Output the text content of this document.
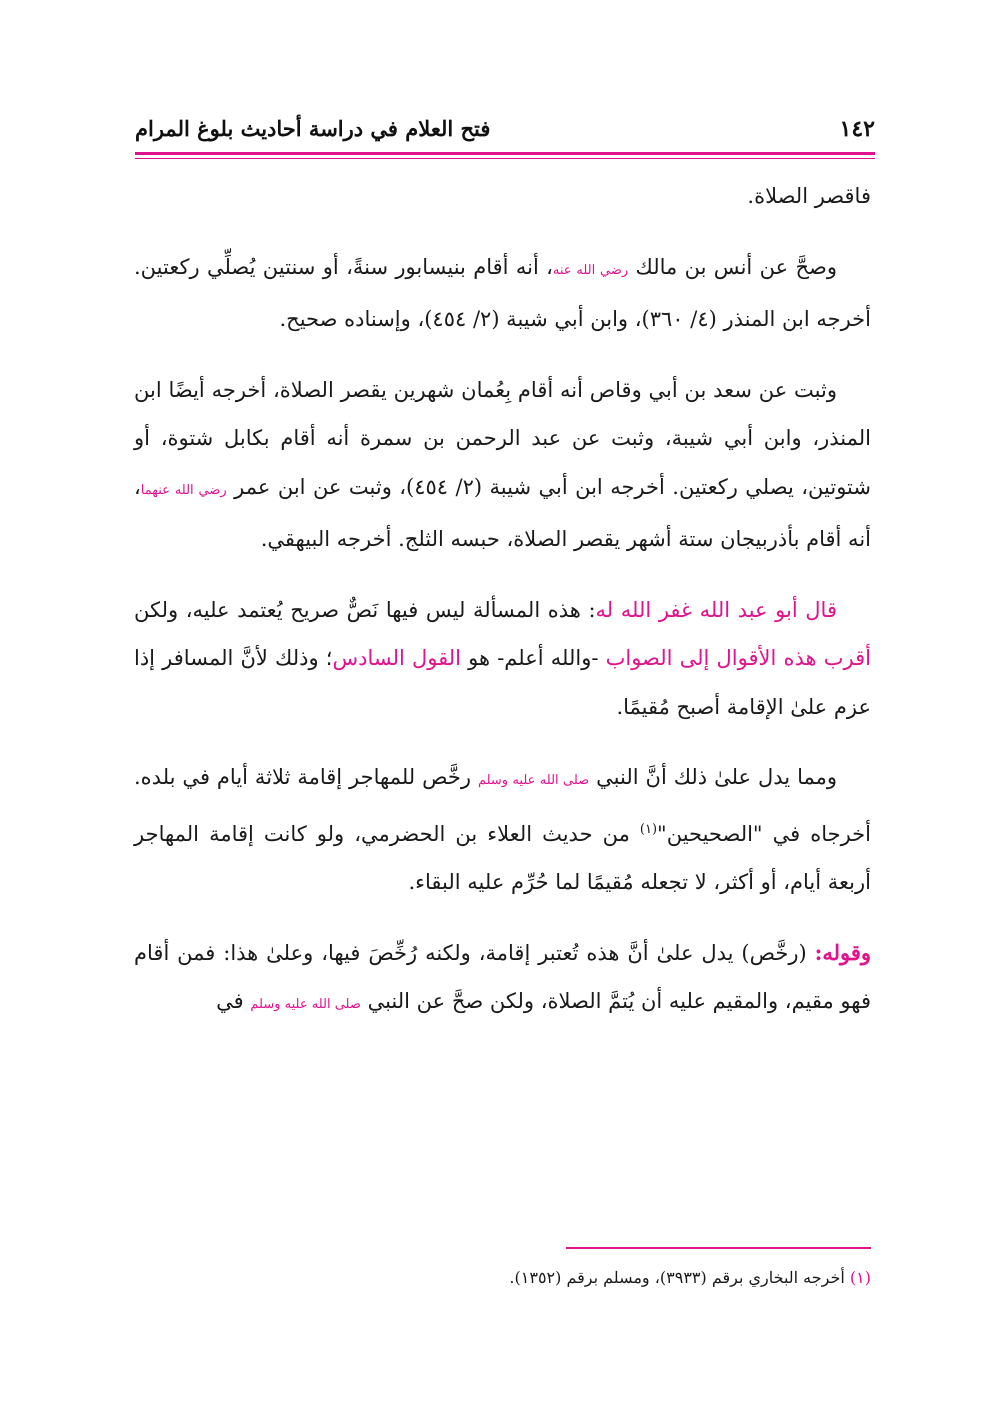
١٤٢
فتح العلام في دراسة أحاديث بلوغ المرام

فاقصر الصلاة.

وصحَّ عن أنس بن مالك رضي الله عنه، أنه أقام بنيسابور سنةً، أو سنتين يُصلِّي ركعتين. أخرجه ابن المنذر (٤/ ٣٦٠)، وابن أبي شيبة (٢/ ٤٥٤)، وإسناده صحيح.

وثبت عن سعد بن أبي وقاص أنه أقام بِعُمان شهرين يقصر الصلاة، أخرجه أيضًا ابن المنذر، وابن أبي شيبة، وثبت عن عبد الرحمن بن سمرة أنه أقام بكابل شتوة، أو شتوتين، يصلي ركعتين. أخرجه ابن أبي شيبة (٢/ ٤٥٤)، وثبت عن ابن عمر رضي الله عنهما، أنه أقام بأذربيجان ستة أشهر يقصر الصلاة، حبسه الثلج. أخرجه البيهقي.

قال أبو عبد الله غفر الله له: هذه المسألة ليس فيها نَصٌّ صريح يُعتمد عليه، ولكن أقرب هذه الأقوال إلى الصواب -والله أعلم- هو القول السادس؛ وذلك لأنَّ المسافر إذا عزم علىٰ الإقامة أصبح مُقيمًا.

ومما يدل علىٰ ذلك أنَّ النبي صلى الله عليه وسلم رخَّص للمهاجر إقامة ثلاثة أيام في بلده. أخرجاه في "الصحيحين"$^{(١)}$ من حديث العلاء بن الحضرمي، ولو كانت إقامة المهاجر أربعة أيام، أو أكثر، لا تجعله مُقيمًا لما حُرِّم عليه البقاء.

وقوله: (رخَّص) يدل علىٰ أنَّ هذه تُعتبر إقامة، ولكنه رُخِّصَ فيها، وعلىٰ هذا: فمن أقام فهو مقيم، والمقيم عليه أن يُتمَّ الصلاة، ولكن صحَّ عن النبي صلى الله عليه وسلم في

(١) أخرجه البخاري برقم (٣٩٣٣)، ومسلم برقم (١٣٥٢).
